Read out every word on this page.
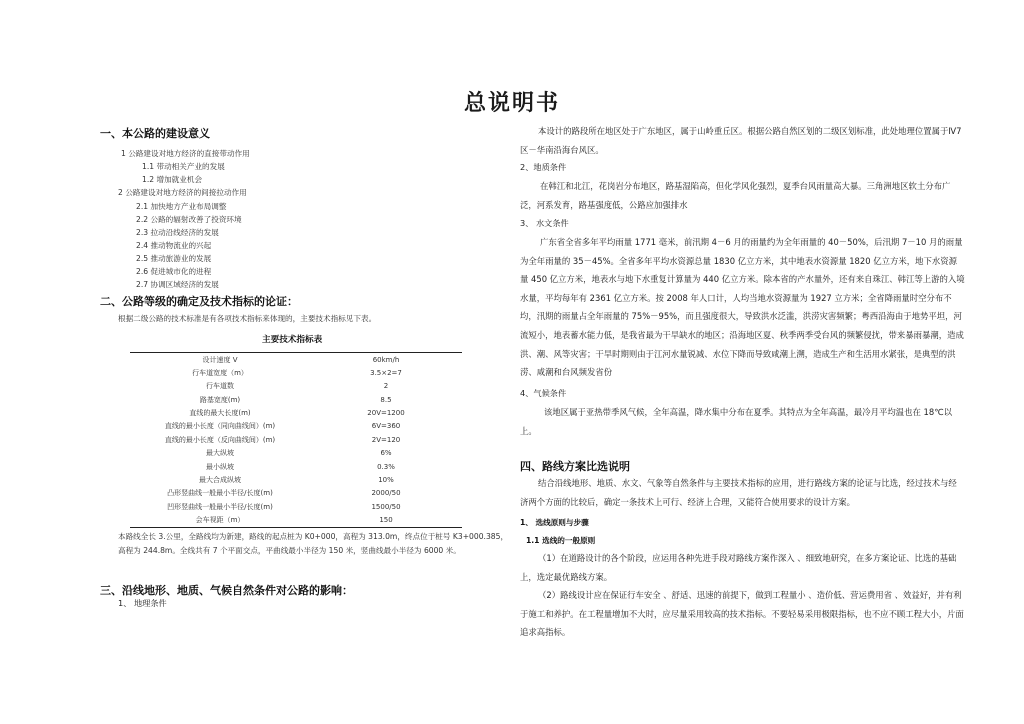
总说明书
一、本公路的建设意义
1 公路建设对地方经济的直接带动作用
1.1 带动相关产业的发展
1.2 增加就业机会
2 公路建设对地方经济的间接拉动作用
2.1 加快地方产业布局调整
2.2 公路的辐射改善了投资环境
2.3 拉动沿线经济的发展
2.4 推动物流业的兴起
2.5 推动旅游业的发展
2.6 促进城市化的进程
2.7 协调区域经济的发展
二、公路等级的确定及技术指标的论证：
根据二级公路的技术标准是有各项技术指标来体现的，主要技术指标见下表。
主要技术指标表
设计速度 V	60km/h
行车道宽度（m）	3.5×2=7
行车道数	2
路基宽度(m)	8.5
直线的最大长度(m)	20V=1200
直线的最小长度（同向曲线间）(m)	6V=360
直线的最小长度（反向曲线间）(m)	2V=120
最大纵坡	6%
最小纵坡	0.3%
最大合成纵坡	10%
凸形竖曲线一般最小半径/长度(m)	2000/50
凹形竖曲线一般最小半径/长度(m)	1500/50
会车视距（m）	150
本路线全长 3.公里，全路线均为新建，路线的起点桩为 K0+000，高程为 313.0m，终点位于桩号 K3+000.385，高程为 244.8m。全线共有 7 个平面交点，平曲线最小半径为 150 米，竖曲线最小半径为 6000 米。
三、沿线地形、地质、气候自然条件对公路的影响：
1、 地理条件
本设计的路段所在地区处于广东地区，属于山岭重丘区。根据公路自然区划的二级区划标准，此处地理位置属于Ⅳ7 区－华南沿海台风区。
2、地质条件
在韩江和北江，花岗岩分布地区，路基湿陷高，但化学风化强烈，夏季台风雨量高大暴。三角洲地区软土分布广泛，河系发育，路基强度低，公路应加强排水
3、 水文条件
广东省全省多年平均雨量 1771 毫米，前汛期 4－6 月的雨量约为全年雨量的 40－50%，后汛期 7－10 月的雨量为全年雨量的 35－45%。全省多年平均水资源总量 1830 亿立方米，其中地表水资源量 1820 亿立方米，地下水资源量 450 亿立方米，地表水与地下水重复计算量为 440 亿立方米。除本省的产水量外，还有来自珠江、韩江等上游的入境水量，平均每年有 2361 亿立方米。按 2008 年人口计，人均当地水资源量为 1927 立方米；全省降雨量时空分布不均，汛期的雨量占全年雨量的 75%－95%，而且强度很大，导致洪水泛滥，洪涝灾害频繁；粤西沿海由于地势平坦，河流短小，地表蓄水能力低，是我省最为干旱缺水的地区；沿海地区夏、秋季两季受台风的频繁侵扰，带来暴雨暴潮，造成洪、潮、风等灾害；干旱时期则由于江河水量锐减、水位下降而导致咸潮上溯，造成生产和生活用水紧张，是典型的洪涝、咸潮和台风频发省份
4、气候条件
该地区属于亚热带季风气候，全年高温，降水集中分布在夏季。其特点为全年高温，最冷月平均温也在 18℃以上。
四、路线方案比选说明
结合沿线地形、地质、水文、气象等自然条件与主要技术指标的应用，进行路线方案的论证与比选，经过技术与经济两个方面的比较后，确定一条技术上可行、经济上合理，又能符合使用要求的设计方案。
1、 选线原则与步骤
1.1 选线的一般原则
（1）在道路设计的各个阶段，应运用各种先进手段对路线方案作深入 、细致地研究，在多方案论证、比选的基础上，选定最优路线方案。
（2）路线设计应在保证行车安全 、舒适、迅速的前提下，做到工程量小 、造价低、营运费用省 、效益好，并有利于施工和养护。在工程量增加不大时，应尽量采用较高的技术指标。不要轻易采用极限指标，也不应不顾工程大小，片面追求高指标。
